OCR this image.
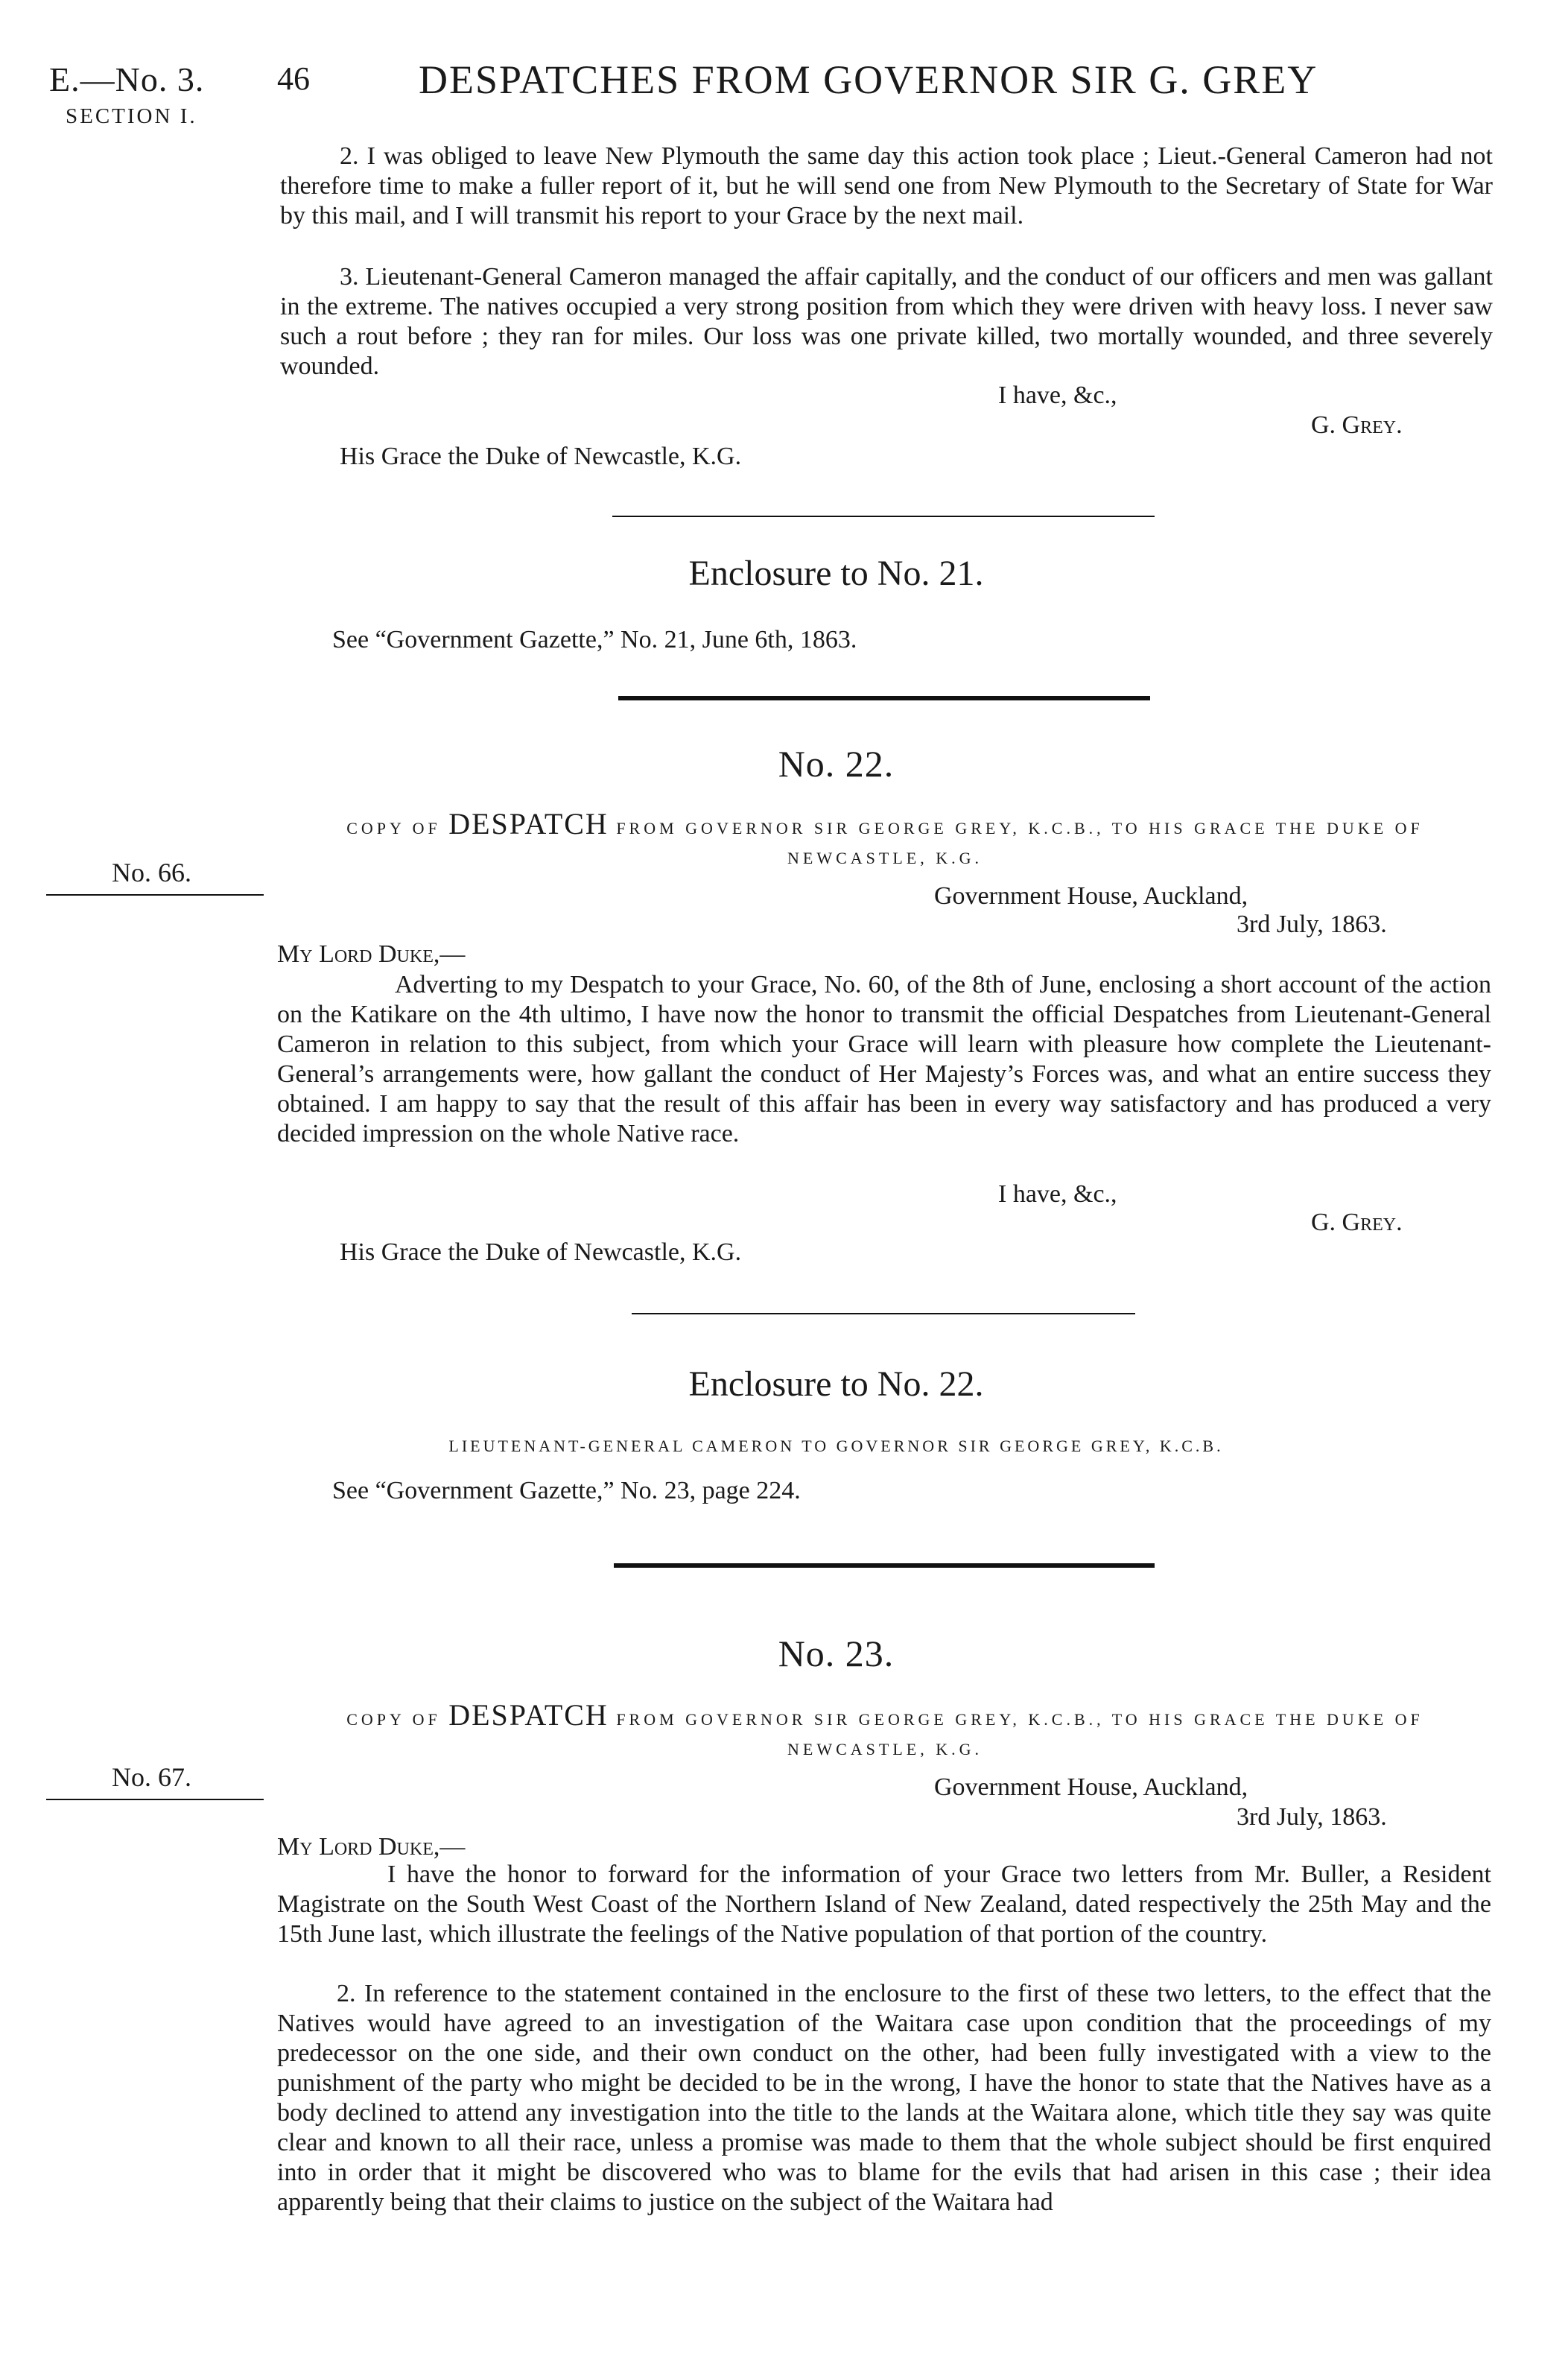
E.—No. 3.
SECTION I.
46	DESPATCHES FROM GOVERNOR SIR G. GREY
2. I was obliged to leave New Plymouth the same day this action took place ; Lieut.-General Cameron had not therefore time to make a fuller report of it, but he will send one from New Plymouth to the Secretary of State for War by this mail, and I will transmit his report to your Grace by the next mail.
3. Lieutenant-General Cameron managed the affair capitally, and the conduct of our officers and men was gallant in the extreme. The natives occupied a very strong position from which they were driven with heavy loss. I never saw such a rout before ; they ran for miles. Our loss was one private killed, two mortally wounded, and three severely wounded.
I have, &c.,
G. Grey.
His Grace the Duke of Newcastle, K.G.
Enclosure to No. 21.
See “Government Gazette,” No. 21, June 6th, 1863.
No. 22.
COPY OF DESPATCH FROM GOVERNOR SIR GEORGE GREY, K.C.B., TO HIS GRACE THE DUKE OF NEWCASTLE, K.G.
No. 66.
Government House, Auckland,
3rd July, 1863.
My Lord Duke,—
Adverting to my Despatch to your Grace, No. 60, of the 8th of June, enclosing a short account of the action on the Katikare on the 4th ultimo, I have now the honor to transmit the official Despatches from Lieutenant-General Cameron in relation to this subject, from which your Grace will learn with pleasure how complete the Lieutenant-General’s arrangements were, how gallant the conduct of Her Majesty’s Forces was, and what an entire success they obtained. I am happy to say that the result of this affair has been in every way satisfactory and has produced a very decided impression on the whole Native race.
I have, &c.,
G. Grey.
His Grace the Duke of Newcastle, K.G.
Enclosure to No. 22.
LIEUTENANT-GENERAL CAMERON TO GOVERNOR SIR GEORGE GREY, K.C.B.
See “Government Gazette,” No. 23, page 224.
No. 23.
COPY OF DESPATCH FROM GOVERNOR SIR GEORGE GREY, K.C.B., TO HIS GRACE THE DUKE OF NEWCASTLE, K.G.
No. 67.	Government House, Auckland,
3rd July, 1863.
My Lord Duke,—
I have the honor to forward for the information of your Grace two letters from Mr. Buller, a Resident Magistrate on the South West Coast of the Northern Island of New Zealand, dated respectively the 25th May and the 15th June last, which illustrate the feelings of the Native population of that portion of the country.
2. In reference to the statement contained in the enclosure to the first of these two letters, to the effect that the Natives would have agreed to an investigation of the Waitara case upon condition that the proceedings of my predecessor on the one side, and their own conduct on the other, had been fully investigated with a view to the punishment of the party who might be decided to be in the wrong, I have the honor to state that the Natives have as a body declined to attend any investigation into the title to the lands at the Waitara alone, which title they say was quite clear and known to all their race, unless a promise was made to them that the whole subject should be first enquired into in order that it might be discovered who was to blame for the evils that had arisen in this case ; their idea apparently being that their claims to justice on the subject of the Waitara had
